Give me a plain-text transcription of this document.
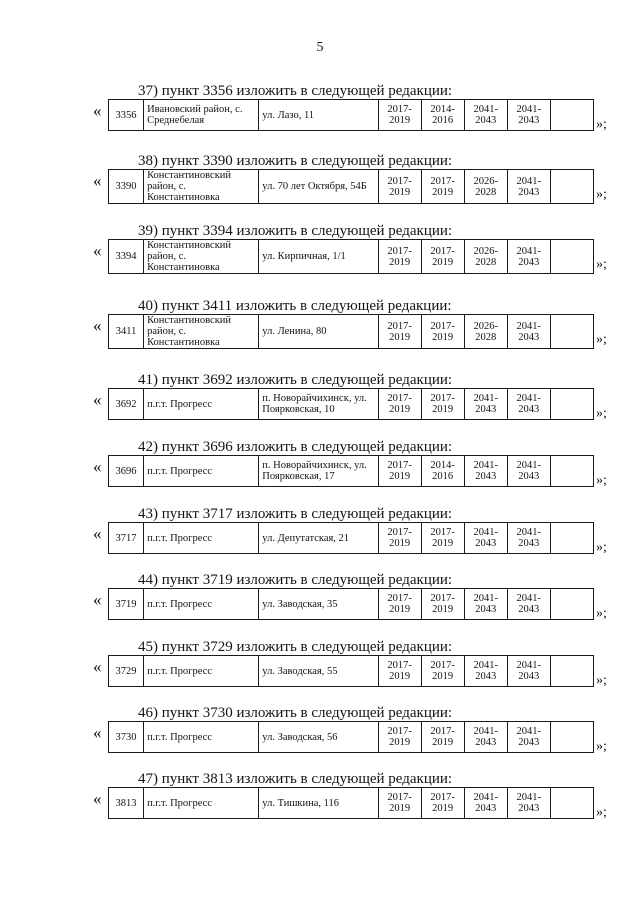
5
37) пункт 3356 изложить в следующей редакции:
« 3356	Ивановский район, с. Среднебелая	ул. Лазо, 11	2017-2019	2014-2016	2041-2043	2041-2043		»;
38) пункт 3390 изложить в следующей редакции:
« 3390	Константиновский район, с. Константиновка	ул. 70 лет Октября, 54Б	2017-2019	2017-2019	2026-2028	2041-2043		»;
39) пункт 3394 изложить в следующей редакции:
« 3394	Константиновский район, с. Константиновка	ул. Кирпичная, 1/1	2017-2019	2017-2019	2026-2028	2041-2043		»;
40) пункт 3411 изложить в следующей редакции:
« 3411	Константиновский район, с. Константиновка	ул. Ленина, 80	2017-2019	2017-2019	2026-2028	2041-2043		»;
41) пункт 3692 изложить в следующей редакции:
« 3692	п.г.т. Прогресс	п. Новорайчихинск, ул. Поярковская, 10	2017-2019	2017-2019	2041-2043	2041-2043		»;
42) пункт 3696 изложить в следующей редакции:
« 3696	п.г.т. Прогресс	п. Новорайчихинск, ул. Поярковская, 17	2017-2019	2014-2016	2041-2043	2041-2043		»;
43) пункт 3717 изложить в следующей редакции:
« 3717	п.г.т. Прогресс	ул. Депутатская, 21	2017-2019	2017-2019	2041-2043	2041-2043		»;
44) пункт 3719 изложить в следующей редакции:
« 3719	п.г.т. Прогресс	ул. Заводская, 35	2017-2019	2017-2019	2041-2043	2041-2043		»;
45) пункт 3729 изложить в следующей редакции:
« 3729	п.г.т. Прогресс	ул. Заводская, 55	2017-2019	2017-2019	2041-2043	2041-2043		»;
46) пункт 3730 изложить в следующей редакции:
« 3730	п.г.т. Прогресс	ул. Заводская, 56	2017-2019	2017-2019	2041-2043	2041-2043		»;
47) пункт 3813 изложить в следующей редакции:
« 3813	п.г.т. Прогресс	ул. Тишкина, 116	2017-2019	2017-2019	2041-2043	2041-2043		»;
